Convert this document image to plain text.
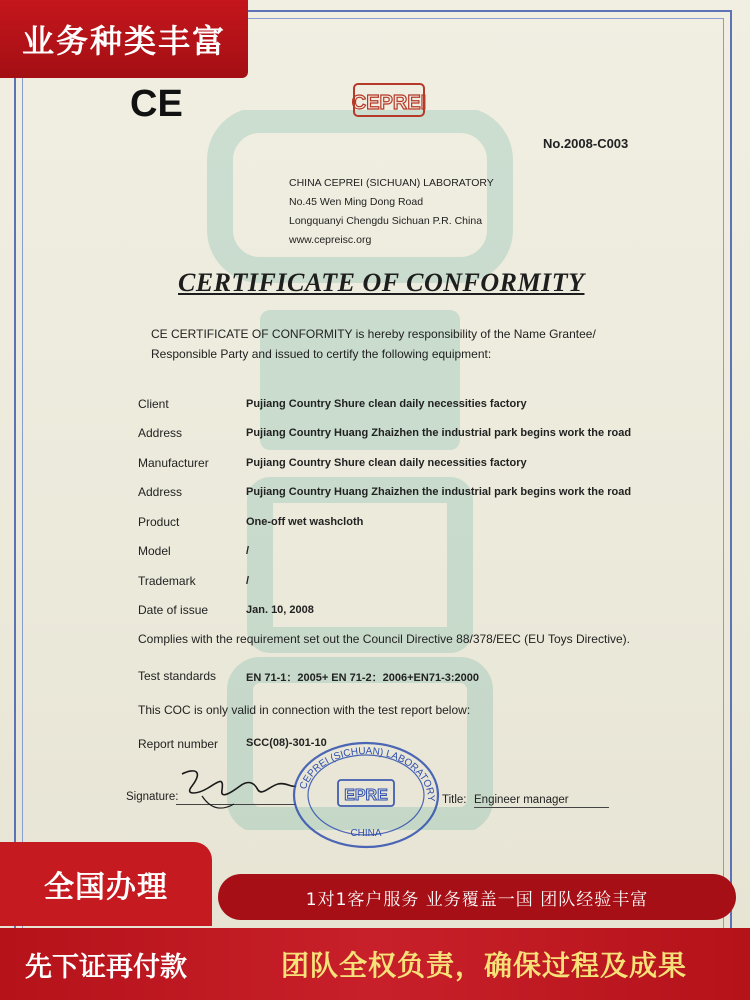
业务种类丰富
CE	CEPREI
No.2008-C003
CHINA CEPREI (SICHUAN) LABORATORY
No.45 Wen Ming Dong Road
Longquanyi Chengdu Sichuan P.R. China
www.cepreisc.org
CERTIFICATE OF CONFORMITY
CE CERTIFICATE OF CONFORMITY is hereby responsibility of the Name Grantee/
Responsible Party and issued to certify the following equipment:
Client	Pujiang Country Shure clean daily necessities factory
Address	Pujiang Country Huang Zhaizhen the industrial park begins work the road
Manufacturer	Pujiang Country Shure clean daily necessities factory
Address	Pujiang Country Huang Zhaizhen the industrial park begins work the road
Product	One-off wet washcloth
Model	/
Trademark	/
Date of issue	Jan. 10, 2008
Complies with the requirement set out the Council Directive 88/378/EEC (EU Toys Directive).
Test standards	EN 71-1：2005+ EN 71-2：2006+EN71-3:2000
This COC is only valid in connection with the test report below:
Report number	SCC(08)-301-10
Signature:
CEPREI (SICHUAN) LABORATORY
EPRE
CHINA
Title: Engineer manager
全国办理	1对1客户服务 业务覆盖一国 团队经验丰富
先下证再付款	团队全权负责，确保过程及成果
